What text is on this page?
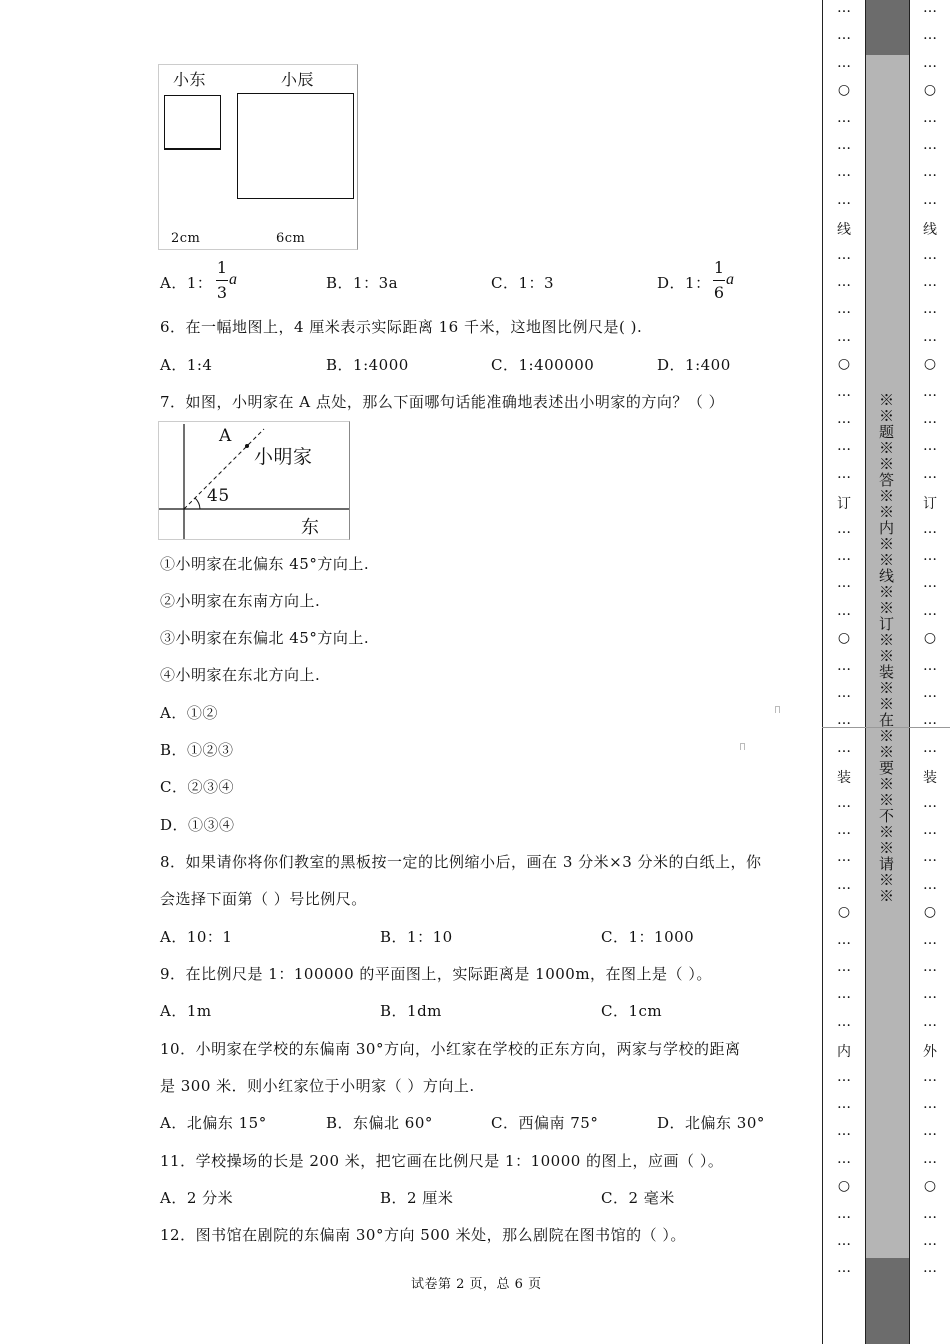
小东	小辰
2cm	6cm
A．1：
1
3
a	B．1：3a	C．1：3	D．1：
1
6
a
6．在一幅地图上，4 厘米表示实际距离 16 千米，这地图比例尺是( ).
A．1:4	B．1:4000	C．1:400000	D．1:400
7．如图，小明家在 A 点处，那么下面哪句话能准确地表述出小明家的方向？（ ）
A
小明家
45
东
①小明家在北偏东 45°方向上.
②小明家在东南方向上.
③小明家在东偏北 45°方向上.
④小明家在东北方向上.
A．①②
B．①②③
C．②③④
D．①③④
8．如果请你将你们教室的黑板按一定的比例缩小后，画在 3 分米×3 分米的白纸上，你
会选择下面第（ ）号比例尺。
A．10：1	B．1：10	C．1：1000
9．在比例尺是 1：100000 的平面图上，实际距离是 1000m，在图上是（ ）。
A．1m	B．1dm	C．1cm
10．小明家在学校的东偏南 30°方向，小红家在学校的正东方向，两家与学校的距离
是 300 米．则小红家位于小明家（ ）方向上.
A．北偏东 15°	B．东偏北 60°	C．西偏南 75°	D．北偏东 30°
11．学校操场的长是 200 米，把它画在比例尺是 1：10000 的图上，应画（ ）。
A．2 分米	B．2 厘米	C．2 毫米
12．图书馆在剧院的东偏南 30°方向 500 米处，那么剧院在图书馆的（ ）。
试卷第 2 页，总 6 页
…
…
…
○
…
…
…
…
线
…
…
…
…
○
…
…
…
…
订
…
…
…
…
○
…
…
…
…
装
…
…
…
…
○
…
…
…
…
内
…
…
…
…
○
…
…
…
…
…
…
○
…
…
…
…
线
…
…
…
…
○
…
…
…
…
订
…
…
…
…
○
…
…
…
…
装
…
…
…
…
○
…
…
…
…
外
…
…
…
…
○
…
…
…
※※题※※答※※内※※线※※订※※装※※在※※要※※不※※请※※
